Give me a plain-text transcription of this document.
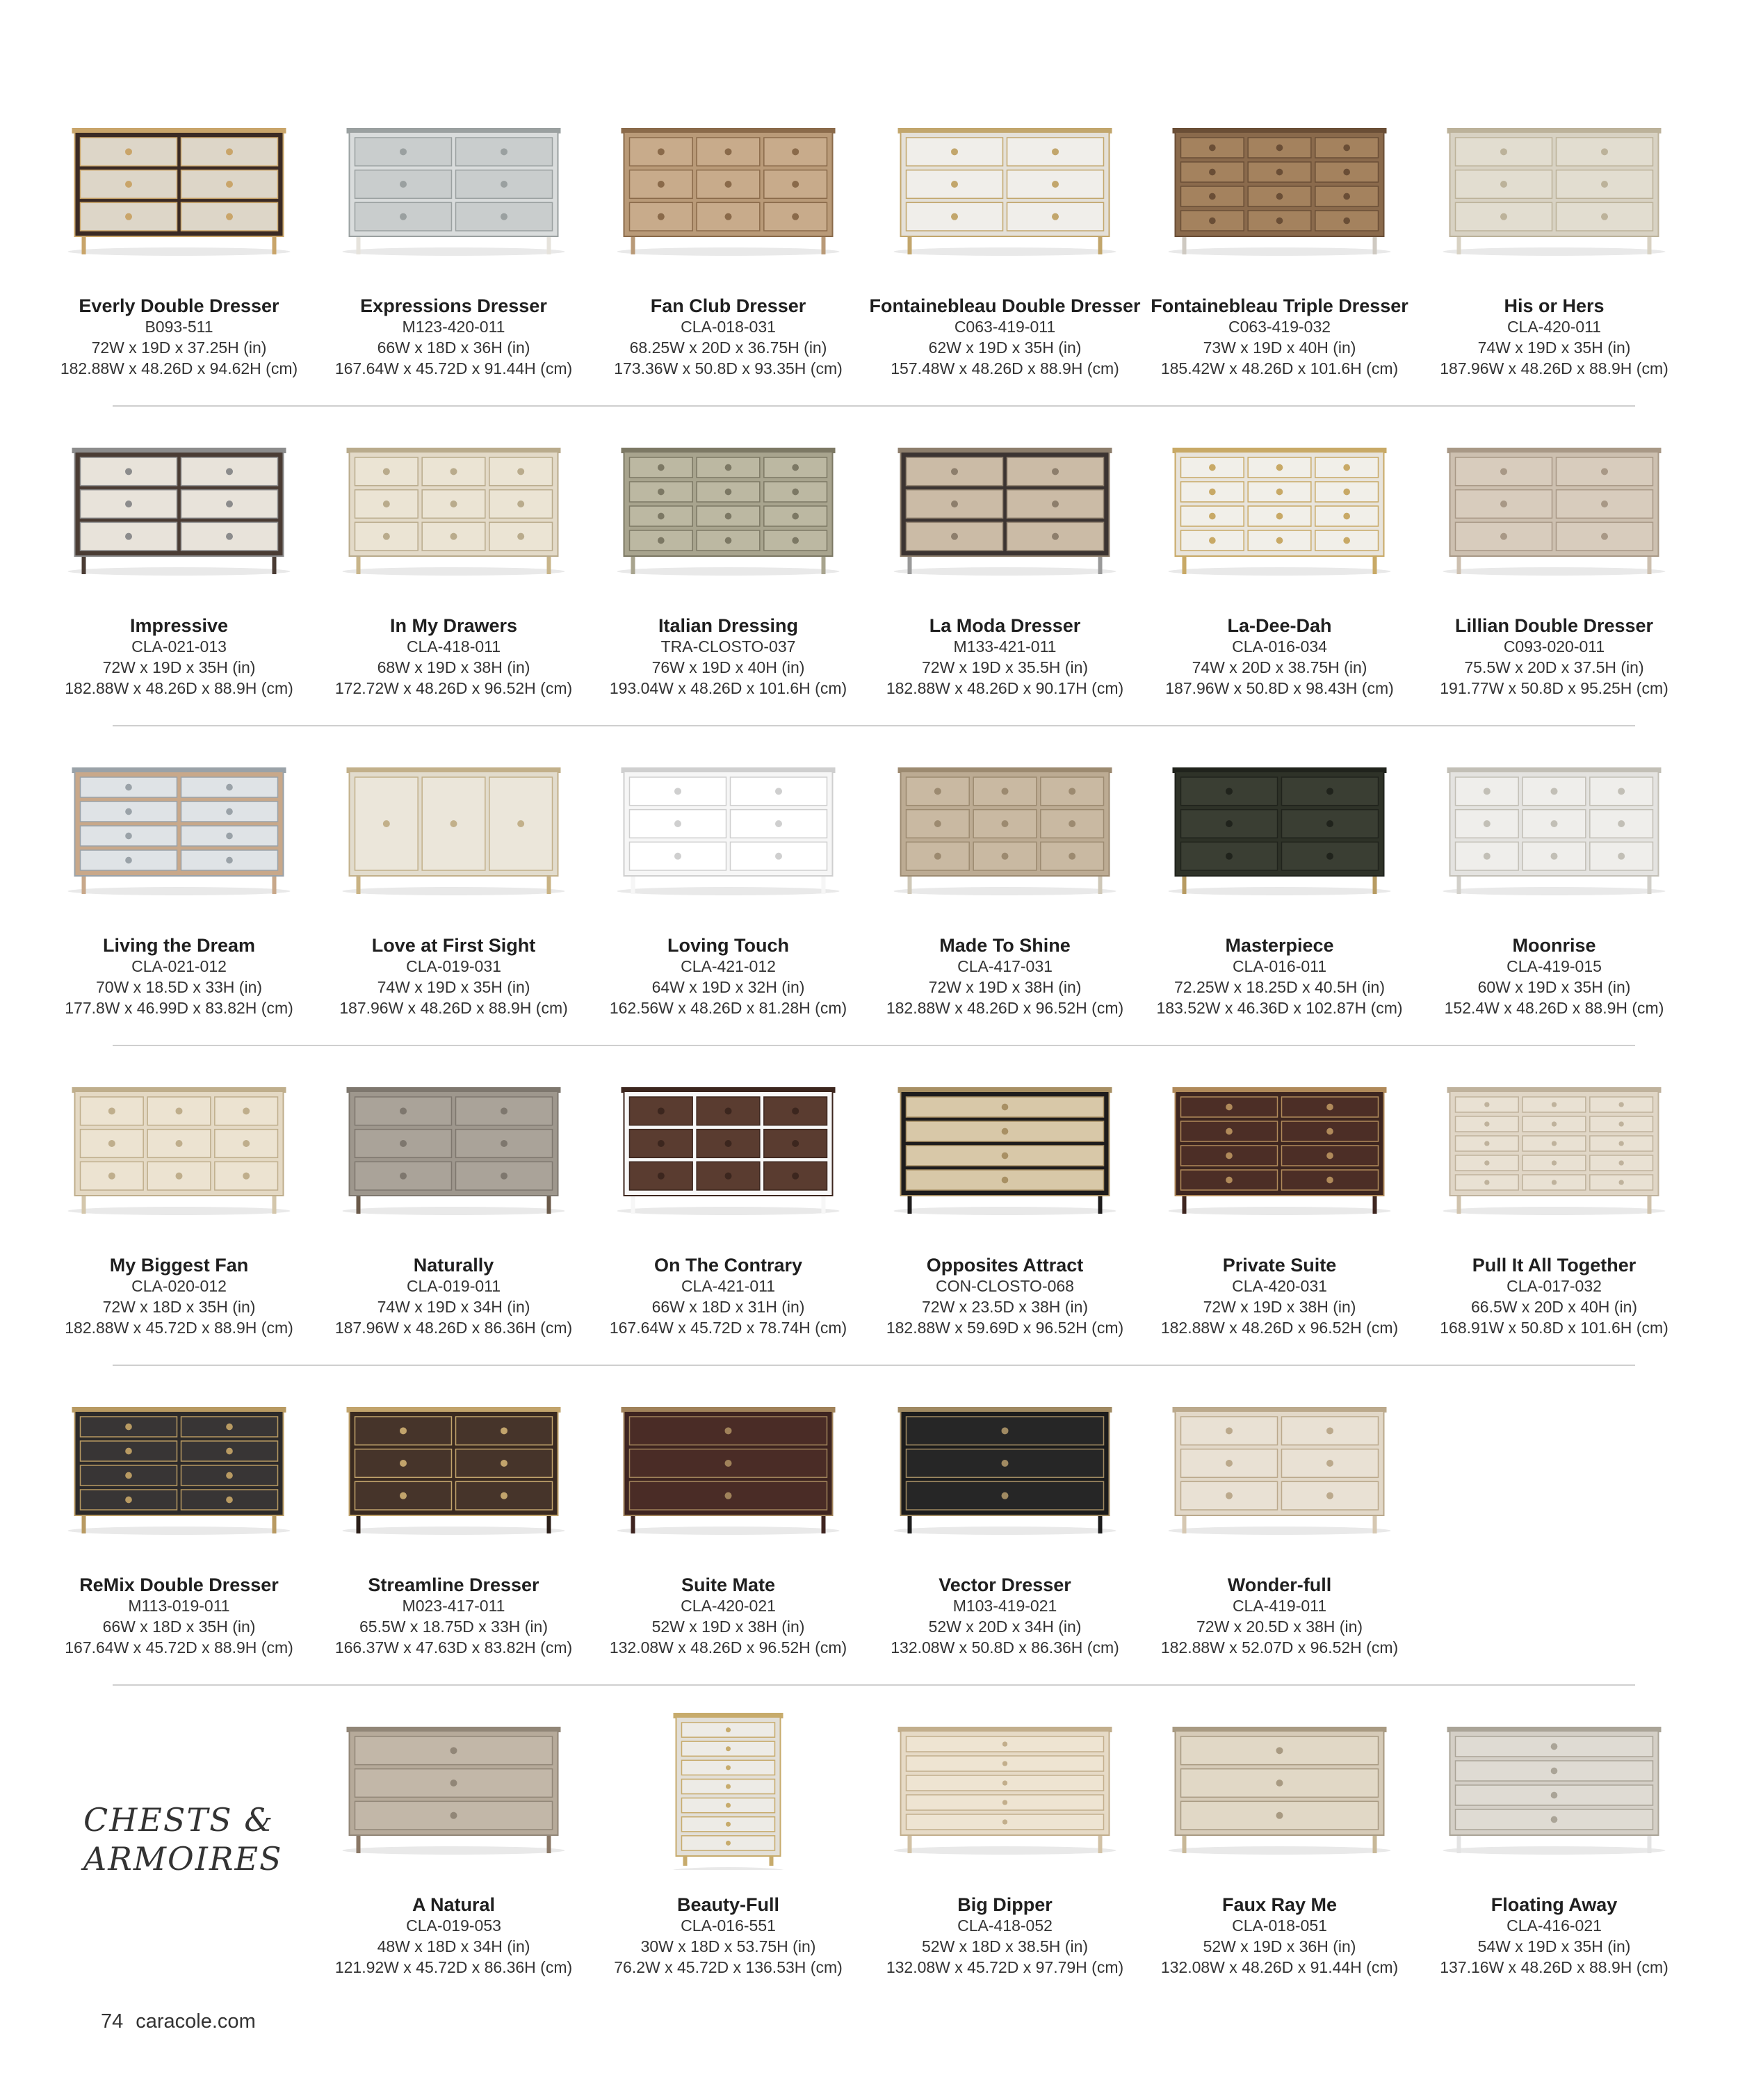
Everly Double Dresser
B093-511
72W x 19D x 37.25H (in)
182.88W x 48.26D x 94.62H (cm)
Expressions Dresser
M123-420-011
66W x 18D x 36H (in)
167.64W x 45.72D x 91.44H (cm)
Fan Club Dresser
CLA-018-031
68.25W x 20D x 36.75H (in)
173.36W x 50.8D x 93.35H (cm)
Fontainebleau Double Dresser
C063-419-011
62W x 19D x 35H (in)
157.48W x 48.26D x 88.9H (cm)
Fontainebleau Triple Dresser
C063-419-032
73W x 19D x 40H (in)
185.42W x 48.26D x 101.6H (cm)
His or Hers
CLA-420-011
74W x 19D x 35H (in)
187.96W x 48.26D x 88.9H (cm)
Impressive
CLA-021-013
72W x 19D x 35H (in)
182.88W x 48.26D x 88.9H (cm)
In My Drawers
CLA-418-011
68W x 19D x 38H (in)
172.72W x 48.26D x 96.52H (cm)
Italian Dressing
TRA-CLOSTO-037
76W x 19D x 40H (in)
193.04W x 48.26D x 101.6H (cm)
La Moda Dresser
M133-421-011
72W x 19D x 35.5H (in)
182.88W x 48.26D x 90.17H (cm)
La-Dee-Dah
CLA-016-034
74W x 20D x 38.75H (in)
187.96W x 50.8D x 98.43H (cm)
Lillian Double Dresser
C093-020-011
75.5W x 20D x 37.5H (in)
191.77W x 50.8D x 95.25H (cm)
Living the Dream
CLA-021-012
70W x 18.5D x 33H (in)
177.8W x 46.99D x 83.82H (cm)
Love at First Sight
CLA-019-031
74W x 19D x 35H (in)
187.96W x 48.26D x 88.9H (cm)
Loving Touch
CLA-421-012
64W x 19D x 32H (in)
162.56W x 48.26D x 81.28H (cm)
Made To Shine
CLA-417-031
72W x 19D x 38H (in)
182.88W x 48.26D x 96.52H (cm)
Masterpiece
CLA-016-011
72.25W x 18.25D x 40.5H (in)
183.52W x 46.36D x 102.87H (cm)
Moonrise
CLA-419-015
60W x 19D x 35H (in)
152.4W x 48.26D x 88.9H (cm)
My Biggest Fan
CLA-020-012
72W x 18D x 35H (in)
182.88W x 45.72D x 88.9H (cm)
Naturally
CLA-019-011
74W x 19D x 34H (in)
187.96W x 48.26D x 86.36H (cm)
On The Contrary
CLA-421-011
66W x 18D x 31H (in)
167.64W x 45.72D x 78.74H (cm)
Opposites Attract
CON-CLOSTO-068
72W x 23.5D x 38H (in)
182.88W x 59.69D x 96.52H (cm)
Private Suite
CLA-420-031
72W x 19D x 38H (in)
182.88W x 48.26D x 96.52H (cm)
Pull It All Together
CLA-017-032
66.5W x 20D x 40H (in)
168.91W x 50.8D x 101.6H (cm)
ReMix Double Dresser
M113-019-011
66W x 18D x 35H (in)
167.64W x 45.72D x 88.9H (cm)
Streamline Dresser
M023-417-011
65.5W x 18.75D x 33H (in)
166.37W x 47.63D x 83.82H (cm)
Suite Mate
CLA-420-021
52W x 19D x 38H (in)
132.08W x 48.26D x 96.52H (cm)
Vector Dresser
M103-419-021
52W x 20D x 34H (in)
132.08W x 50.8D x 86.36H (cm)
Wonder-full
CLA-419-011
72W x 20.5D x 38H (in)
182.88W x 52.07D x 96.52H (cm)
A Natural
CLA-019-053
48W x 18D x 34H (in)
121.92W x 45.72D x 86.36H (cm)
Beauty-Full
CLA-016-551
30W x 18D x 53.75H (in)
76.2W x 45.72D x 136.53H (cm)
Big Dipper
CLA-418-052
52W x 18D x 38.5H (in)
132.08W x 45.72D x 97.79H (cm)
Faux Ray Me
CLA-018-051
52W x 19D x 36H (in)
132.08W x 48.26D x 91.44H (cm)
Floating Away
CLA-416-021
54W x 19D x 35H (in)
137.16W x 48.26D x 88.9H (cm)
CHESTS &
ARMOIRES
74 caracole.com
